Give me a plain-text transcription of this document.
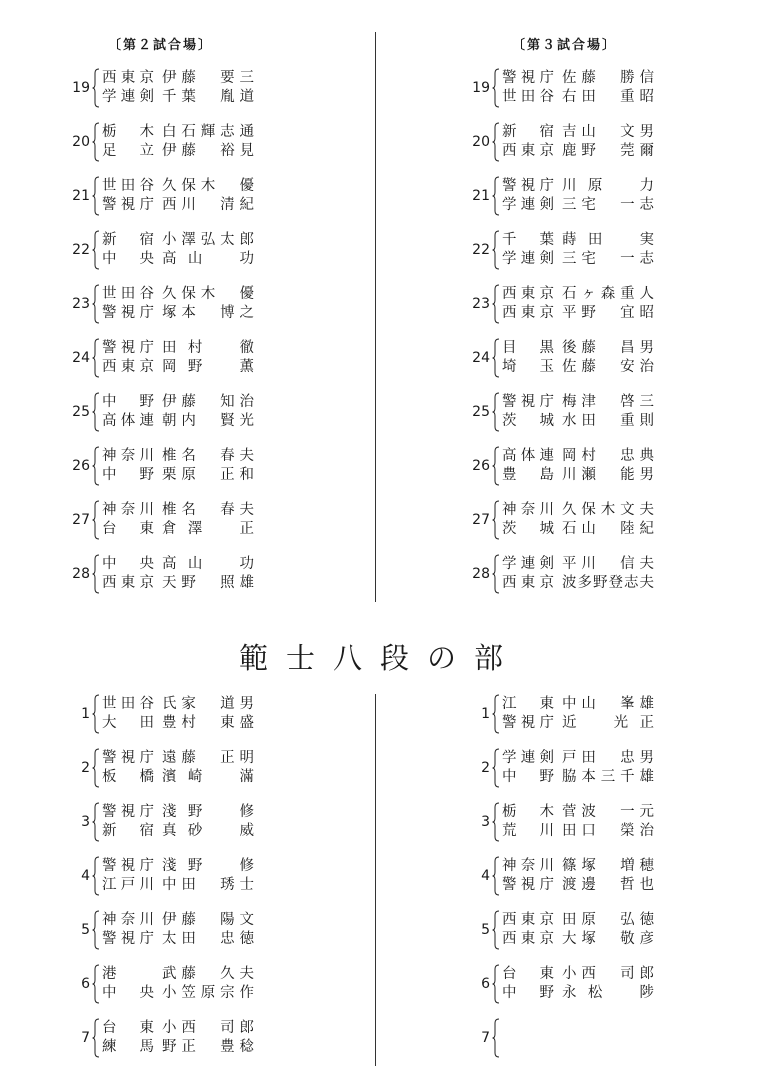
〔第２試合場〕	〔第３試合場〕
19
西東京 伊藤　要三
学連剣 千葉　胤道
20
栃木 白石輝志通
足立 伊藤　裕見
21
世田谷 久保木　優
警視庁 西川　清紀
22
新宿 小澤弘太郎
中央 高山　功
23
世田谷 久保木　優
警視庁 塚本　博之
24
警視庁 田村　徹
西東京 岡野　薫
25
中野 伊藤　知治
高体連 朝内　賢光
26
神奈川 椎名　春夫
中野 栗原　正和
27
神奈川 椎名　春夫
台東 倉澤　正
28
中央 高山　功
西東京 天野　照雄
19
警視庁 佐藤　勝信
世田谷 右田　重昭
20
新宿 吉山　文男
西東京 鹿野　莞爾
21
警視庁 川原　力
学連剣 三宅　一志
22
千葉 蒔田　実
学連剣 三宅　一志
23
西東京 石ヶ森重人
西東京 平野　宜昭
24
目黒 後藤　昌男
埼玉 佐藤　安治
25
警視庁 梅津　啓三
茨城 水田　重則
26
高体連 岡村　忠典
豊島 川瀬　能男
27
神奈川 久保木文夫
茨城 石山　陸紀
28
学連剣 平川　信夫
西東京 波多野登志夫
範士八段の部
1
世田谷 氏家　道男
大田 豊村　東盛
2
警視庁 遠藤　正明
板橋 濱崎　滿
3
警視庁 淺野　修
新宿 真砂　威
4
警視庁 淺野　修
江戸川 中田　琇士
5
神奈川 伊藤　陽文
警視庁 太田　忠徳
6
港	武藤　久夫
中央 小笠原宗作
7
台東 小西　司郎
練馬 野正　豊稔
1
江東 中山　峯雄
警視庁 近　光正
2
学連剣 戸田　忠男
中野 脇本三千雄
3
栃木 菅波　一元
荒川 田口　榮治
4
神奈川 篠塚　増穂
警視庁 渡邊　哲也
5
西東京 田原　弘徳
西東京 大塚　敬彦
6
台東 小西　司郎
中野 永松　陟
7
